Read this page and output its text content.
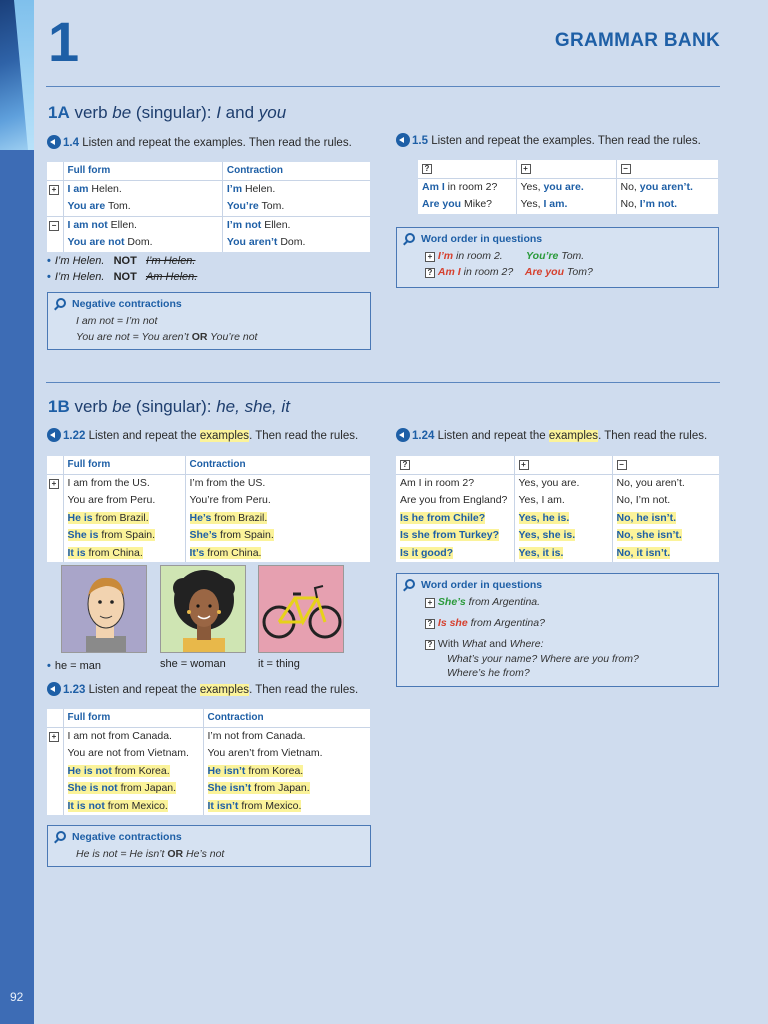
92
1	GRAMMAR BANK
1A verb be (singular): I and you
1.4 Listen and repeat the examples. Then read the rules.	1.5 Listen and repeat the examples. Then read the rules.
	Full form	Contraction
+	I am Helen.	I’m Helen.
	You are Tom.	You’re Tom.
−	I am not Ellen.	I’m not Ellen.
	You are not Dom.	You aren’t Dom.
?	+	−
Am I in room 2?	Yes, you are.	No, you aren’t.
Are you Mike?	Yes, I am.	No, I’m not.
• I’m Helen. NOT I’m Helen.
• I’m Helen. NOT Am Helen.
Negative contractions
I am not = I’m not
You are not = You aren’t OR You’re not
Word order in questions
+ I’m in room 2. You’re Tom.
? Am I in room 2? Are you Tom?
1B verb be (singular): he, she, it
1.22 Listen and repeat the examples. Then read the rules.	1.24 Listen and repeat the examples. Then read the rules.
	Full form	Contraction
+	I am from the US.	I’m from the US.
	You are from Peru.	You’re from Peru.
	He is from Brazil.	He’s from Brazil.
	She is from Spain.	She’s from Spain.
	It is from China.	It’s from China.
?	+	−
Am I in room 2?	Yes, you are.	No, you aren’t.
Are you from England?	Yes, I am.	No, I’m not.
Is he from Chile?	Yes, he is.	No, he isn’t.
Is she from Turkey?	Yes, she is.	No, she isn’t.
Is it good?	Yes, it is.	No, it isn’t.
• he = man	she = woman	it = thing
1.23 Listen and repeat the examples. Then read the rules.
	Full form	Contraction
+	I am not from Canada.	I’m not from Canada.
	You are not from Vietnam.	You aren’t from Vietnam.
	He is not from Korea.	He isn’t from Korea.
	She is not from Japan.	She isn’t from Japan.
	It is not from Mexico.	It isn’t from Mexico.
Negative contractions
He is not = He isn’t OR He’s not
Word order in questions
+ She’s from Argentina.
? Is she from Argentina?
? With What and Where:
What’s your name? Where are you from?
Where’s he from?
